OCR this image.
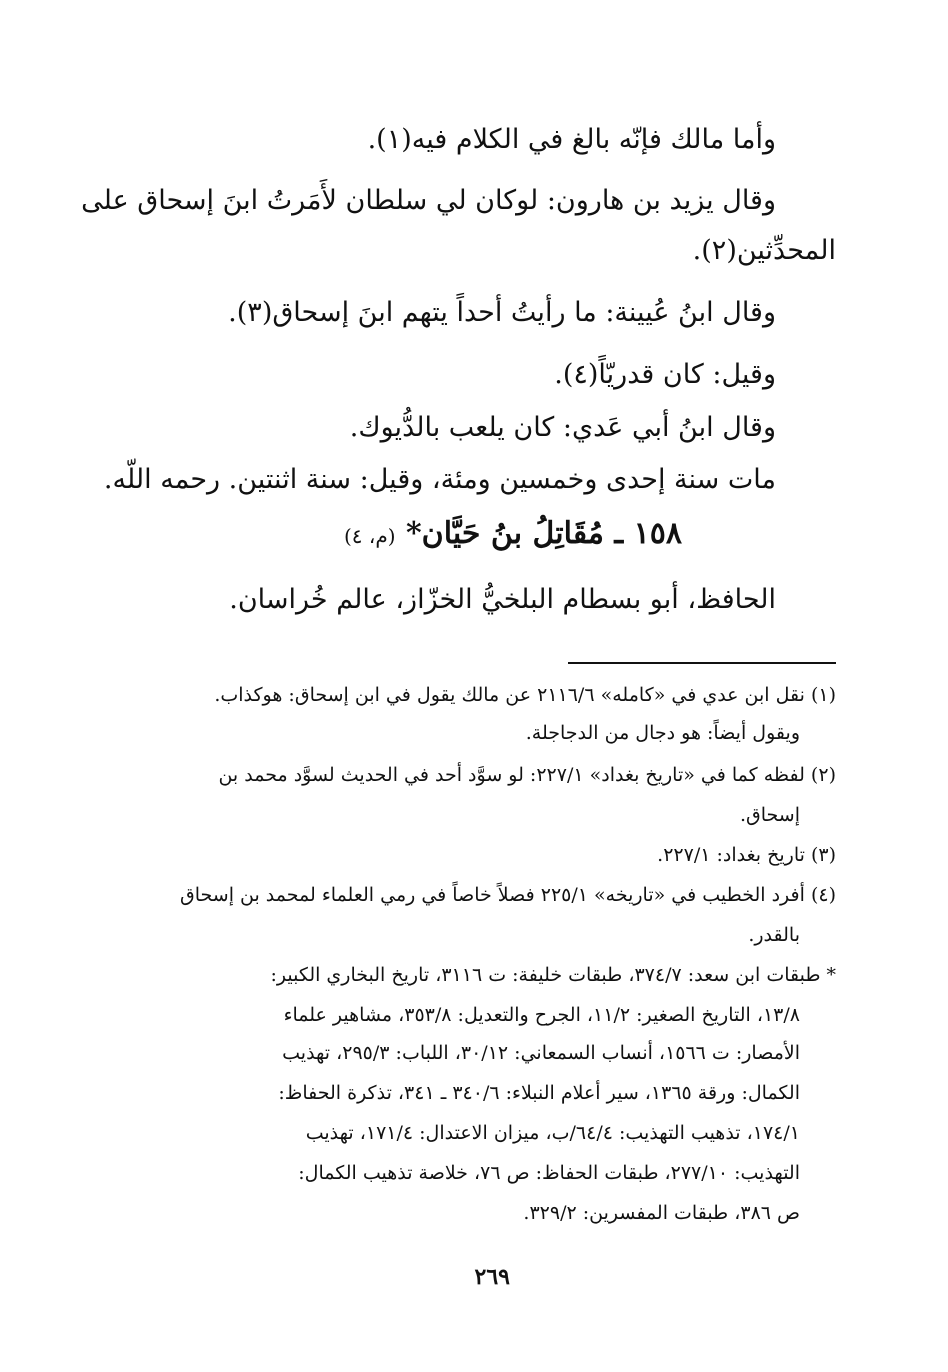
وأما مالك فإنّه بالغ في الكلام فيه(١).
وقال يزيد بن هارون: لوكان لي سلطان لأَمَرتُ ابنَ إسحاق على
المحدِّثين(٢).
وقال ابنُ عُيينة: ما رأيتُ أحداً يتهم ابنَ إسحاق(٣).
وقيل: كان قدريّاً(٤).
وقال ابنُ أبي عَدي: كان يلعب بالدُّيوك.
مات سنة إحدى وخمسين ومئة، وقيل: سنة اثنتين. رحمه اللّه.
١٥٨ ـ مُقَاتِلُ بنُ حَيَّان* (م، ٤)
الحافظ، أبو بسطام البلخيُّ الخزّاز، عالم خُراسان.
(١) نقل ابن عدي في «كامله» ٢١١٦/٦ عن مالك يقول في ابن إسحاق: هوكذاب.
ويقول أيضاً: هو دجال من الدجاجلة.
(٢) لفظه كما في «تاريخ بغداد» ٢٢٧/١: لو سوَّد أحد في الحديث لسوَّد محمد بن
إسحاق.
(٣) تاريخ بغداد: ٢٢٧/١.
(٤) أفرد الخطيب في «تاريخه» ٢٢٥/١ فصلاً خاصاً في رمي العلماء لمحمد بن إسحاق
بالقدر.
* طبقات ابن سعد: ٣٧٤/٧، طبقات خليفة: ت ٣١١٦، تاريخ البخاري الكبير:
١٣/٨، التاريخ الصغير: ١١/٢، الجرح والتعديل: ٣٥٣/٨، مشاهير علماء
الأمصار: ت ١٥٦٦، أنساب السمعاني: ٣٠/١٢، اللباب: ٢٩٥/٣، تهذيب
الكمال: ورقة ١٣٦٥، سير أعلام النبلاء: ٣٤٠/٦ ـ ٣٤١، تذكرة الحفاظ:
١٧٤/١، تذهيب التهذيب: ٦٤/٤/ب، ميزان الاعتدال: ١٧١/٤، تهذيب
التهذيب: ٢٧٧/١٠، طبقات الحفاظ: ص ٧٦، خلاصة تذهيب الكمال:
ص ٣٨٦، طبقات المفسرين: ٣٢٩/٢.
٢٦٩
